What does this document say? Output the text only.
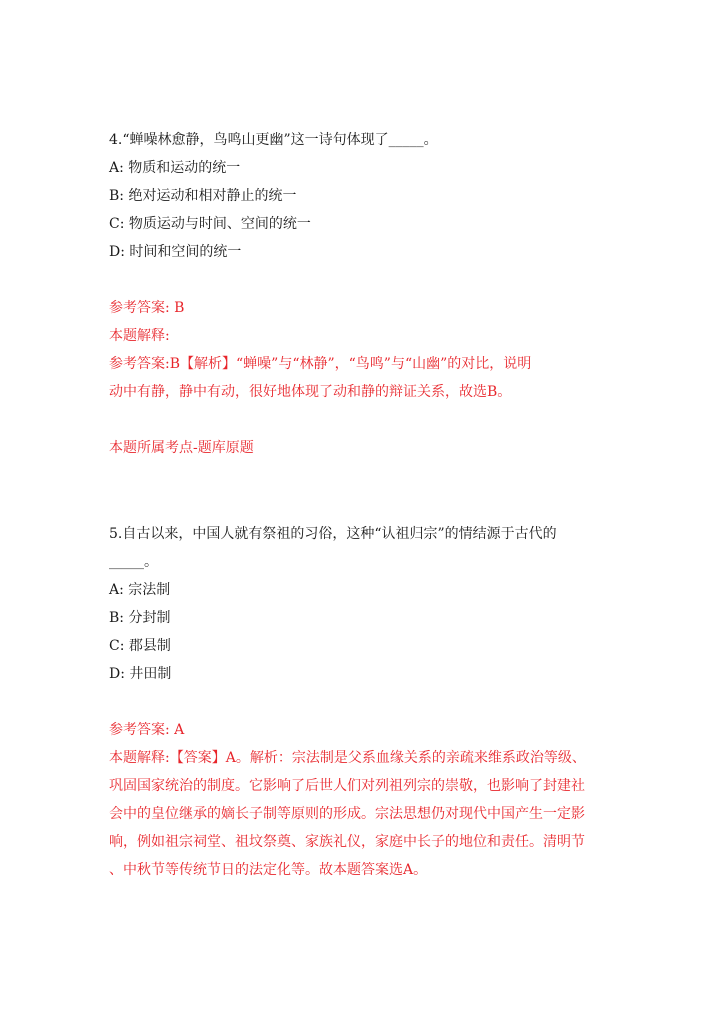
4.“蝉噪林愈静，鸟鸣山更幽”这一诗句体现了_____。
A: 物质和运动的统一
B: 绝对运动和相对静止的统一
C: 物质运动与时间、空间的统一
D: 时间和空间的统一
参考答案: B
本题解释:
参考答案:B【解析】“蝉噪”与“林静”，“鸟鸣”与“山幽”的对比，说明
动中有静，静中有动，很好地体现了动和静的辩证关系，故选B。
本题所属考点-题库原题
5.自古以来，中国人就有祭祖的习俗，这种“认祖归宗”的情结源于古代的
_____。
A: 宗法制
B: 分封制
C: 郡县制
D: 井田制
参考答案: A
本题解释:【答案】A。解析：宗法制是父系血缘关系的亲疏来维系政治等级、
巩固国家统治的制度。它影响了后世人们对列祖列宗的崇敬，也影响了封建社
会中的皇位继承的嫡长子制等原则的形成。宗法思想仍对现代中国产生一定影
响，例如祖宗祠堂、祖坟祭奠、家族礼仪，家庭中长子的地位和责任。清明节
、中秋节等传统节日的法定化等。故本题答案选A。
